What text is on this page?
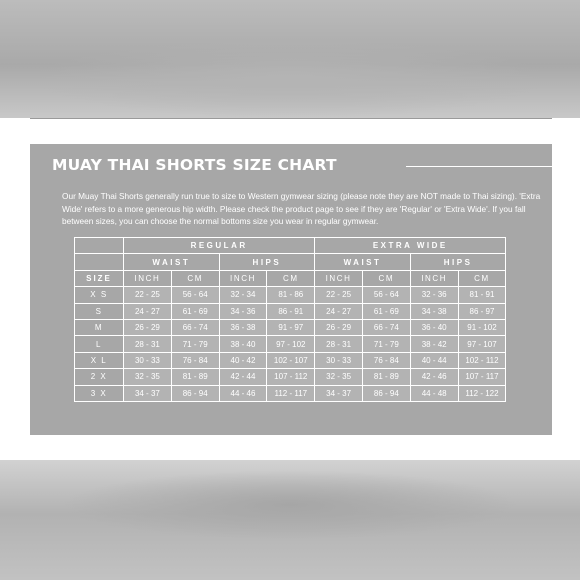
MUAY THAI SHORTS SIZE CHART
Our Muay Thai Shorts generally run true to size to Western gymwear sizing (please note they are NOT made to Thai sizing). 'Extra Wide' refers to a more generous hip width. Please check the product page to see if they are 'Regular' or 'Extra Wide'. If you fall between sizes, you can choose the normal bottoms size you wear in regular gymwear.
	REGULAR				EXTRA WIDE			
	WAIST		HIPS		WAIST		HIPS	
SIZE	INCH	CM	INCH	CM	INCH	CM	INCH	CM
X S	22 - 25	56 - 64	32 - 34	81 - 86	22 - 25	56 - 64	32 - 36	81 - 91
S	24 - 27	61 - 69	34 - 36	86 - 91	24 - 27	61 - 69	34 - 38	86 - 97
M	26 - 29	66 - 74	36 - 38	91 - 97	26 - 29	66 - 74	36 - 40	91 - 102
L	28 - 31	71 - 79	38 - 40	97 - 102	28 - 31	71 - 79	38 - 42	97 - 107
X L	30 - 33	76 - 84	40 - 42	102 - 107	30 - 33	76 - 84	40 - 44	102 - 112
2 X	32 - 35	81 - 89	42 - 44	107 - 112	32 - 35	81 - 89	42 - 46	107 - 117
3 X	34 - 37	86 - 94	44 - 46	112 - 117	34 - 37	86 - 94	44 - 48	112 - 122
